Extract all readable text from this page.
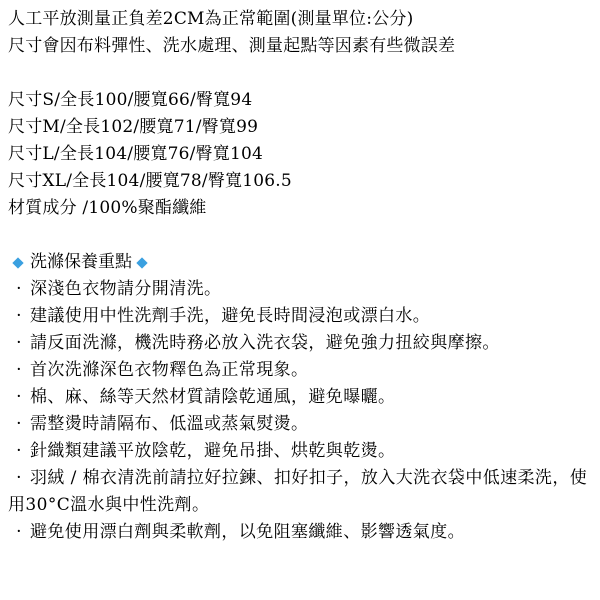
人工平放測量正負差2CM為正常範圍(測量單位:公分)
尺寸會因布料彈性、洗水處理、測量起點等因素有些微誤差
尺寸S/全長100/腰寬66/臀寬94
尺寸M/全長102/腰寬71/臀寬99
尺寸L/全長104/腰寬76/臀寬104
尺寸XL/全長104/腰寬78/臀寬106.5
材質成分 /100%聚酯纖維
洗滌保養重點
· 深淺色衣物請分開清洗。
· 建議使用中性洗劑手洗，避免長時間浸泡或漂白水。
· 請反面洗滌，機洗時務必放入洗衣袋，避免強力扭絞與摩擦。
· 首次洗滌深色衣物釋色為正常現象。
· 棉、麻、絲等天然材質請陰乾通風，避免曝曬。
· 需整燙時請隔布、低溫或蒸氣熨燙。
· 針織類建議平放陰乾，避免吊掛、烘乾與乾燙。
· 羽絨 / 棉衣清洗前請拉好拉鍊、扣好扣子，放入大洗衣袋中低速柔洗，使用30°C溫水與中性洗劑。
· 避免使用漂白劑與柔軟劑，以免阻塞纖維、影響透氣度。
